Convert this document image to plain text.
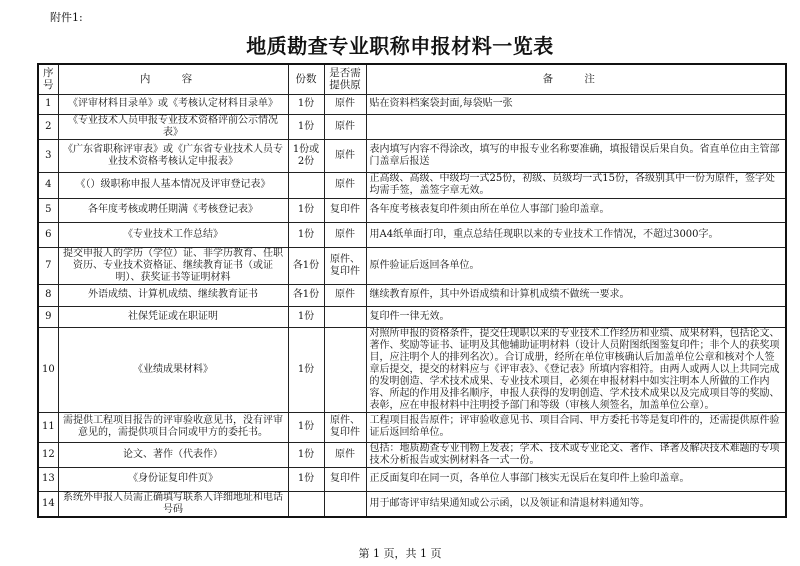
附件1:
地质勘查专业职称申报材料一览表
序号	内 容	份数	是否需提供原	备 注
1	《评审材料目录单》或《考核认定材料目录单》	1份	原件	贴在资料档案袋封面,每袋贴一张
2	《专业技术人员申报专业技术资格评前公示情况表》	1份	原件	
3	《广东省职称评审表》或《广东省专业技术人员专业技术资格考核认定申报表》	1份或2份	原件	表内填写内容不得涂改，填写的申报专业名称要准确，填报错误后果自负。省直单位由主管部门盖章后报送
4	《（）级职称申报人基本情况及评审登记表》		原件	正高级、高级、中级均一式25份，初级、员级均一式15份，各级别其中一份为原件，签字处均需手签，盖签字章无效。
5	各年度考核或聘任期满《考核登记表》	1份	复印件	各年度考核表复印件须由所在单位人事部门验印盖章。
6	《专业技术工作总结》	1份	原件	用A4纸单面打印，重点总结任现职以来的专业技术工作情况，不超过3000字。
7	提交申报人的学历（学位）证、非学历教育、任职资历、专业技术资格证、继续教育证书（或证明）、获奖证书等证明材料	各1份	原件、复印件	原件验证后返回各单位。
8	外语成绩、计算机成绩、继续教育证书	各1份	原件	继续教育原件，其中外语成绩和计算机成绩不做统一要求。
9	社保凭证或在职证明	1份		复印件一律无效。
10	《业绩成果材料》	1份		对照所申报的资格条件，提交任现职以来的专业技术工作经历和业绩、成果材料，包括论文、著作、奖励等证书、证明及其他辅助证明材料（设计人员附图纸图鉴复印件；非个人的获奖项目，应注明个人的排列名次）。合订成册，经所在单位审核确认后加盖单位公章和核对个人签章后提交，提交的材料应与《评审表》、《登记表》所填内容相符。由两人或两人以上共同完成的发明创造、学术技术成果、专业技术项目，必须在申报材料中如实注明本人所做的工作内容、所起的作用及排名顺序，申报人获得的发明创造、学术技术成果以及完成项目等的奖励、表彰，应在申报材料中注明授予部门和等级（审核人须签名，加盖单位公章）。
11	需提供工程项目报告的评审验收意见书，没有评审意见的，需提供项目合同或甲方的委托书。	1份	原件、复印件	工程项目报告原件；评审验收意见书、项目合同、甲方委托书等是复印件的，还需提供原件验证后返回给单位。
12	论文、著作（代表作）	1份	原件	包括：地质勘查专业刊物上发表；学术、技术或专业论文、著作、译著及解决技术难题的专项技术分析报告或实例材料各一式一份。
13	《身份证复印件页》	1份	复印件	正反面复印在同一页，各单位人事部门核实无误后在复印件上验印盖章。
14	系统外申报人员需正确填写联系人详细地址和电话号码			用于邮寄评审结果通知或公示函，以及领证和清退材料通知等。
第 1 页，共 1 页
